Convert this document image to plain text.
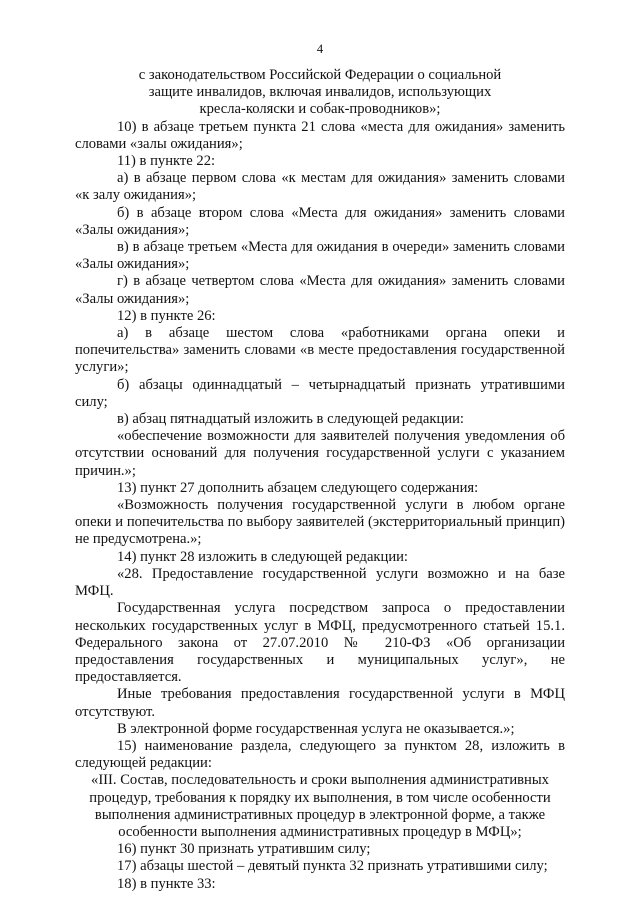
4
с законодательством Российской Федерации о социальной
защите инвалидов, включая инвалидов, использующих
кресла-коляски и собак-проводников»;

10) в абзаце третьем пункта 21 слова «места для ожидания» заменить словами «залы ожидания»;

11) в пункте 22:

а) в абзаце первом слова «к местам для ожидания» заменить словами «к залу ожидания»;

б) в абзаце втором слова «Места для ожидания» заменить словами «Залы ожидания»;

в) в абзаце третьем «Места для ожидания в очереди» заменить словами «Залы ожидания»;

г) в абзаце четвертом слова «Места для ожидания» заменить словами «Залы ожидания»;

12) в пункте 26:

а) в абзаце шестом слова «работниками органа опеки и попечительства» заменить словами «в месте предоставления государственной услуги»;

б) абзацы одиннадцатый – четырнадцатый признать утратившими силу;

в) абзац пятнадцатый изложить в следующей редакции:

«обеспечение возможности для заявителей получения уведомления об отсутствии оснований для получения государственной услуги с указанием причин.»;

13) пункт 27 дополнить абзацем следующего содержания:

«Возможность получения государственной услуги в любом органе опеки и попечительства по выбору заявителей (экстерриториальный принцип) не предусмотрена.»;

14) пункт 28 изложить в следующей редакции:

«28. Предоставление государственной услуги возможно и на базе МФЦ.

Государственная услуга посредством запроса о предоставлении нескольких государственных услуг в МФЦ, предусмотренного статьей 15.1. Федерального закона от 27.07.2010 № 210-ФЗ «Об организации предоставления государственных и муниципальных услуг», не предоставляется.

Иные требования предоставления государственной услуги в МФЦ отсутствуют.

В электронной форме государственная услуга не оказывается.»;

15) наименование раздела, следующего за пунктом 28, изложить в следующей редакции:

«III. Состав, последовательность и сроки выполнения административных
процедур, требования к порядку их выполнения, в том числе особенности
выполнения административных процедур в электронной форме, а также
особенности выполнения административных процедур в МФЦ»;

16) пункт 30 признать утратившим силу;

17) абзацы шестой – девятый пункта 32 признать утратившими силу;

18) в пункте 33:
